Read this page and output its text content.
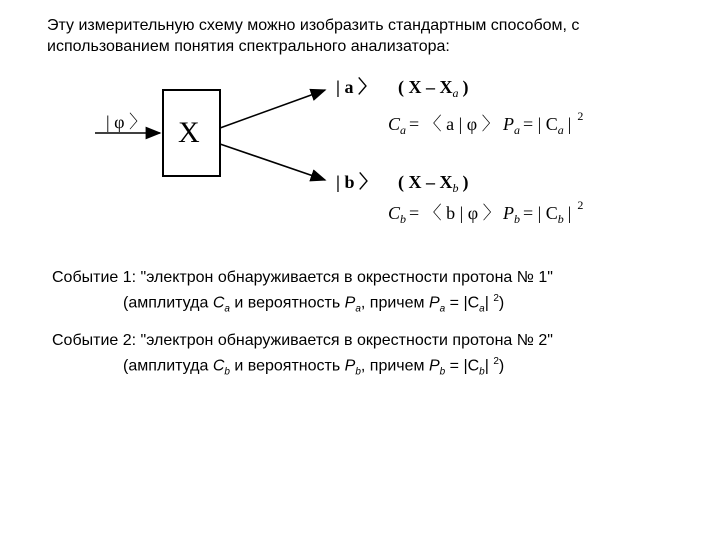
Эту измерительную схему можно изобразить стандартным способом, с
использованием понятия спектрального анализатора:

| φ 〉 X
| a 〉 ( X – $X_a$ )
$C_a$ = 〈 a | φ 〉 $P_a$ = | $C_a$ | $^2$
| b 〉 ( X – $X_b$ )
$C_b$ = 〈 b | φ 〉 $P_b$ = | $C_b$ | $^2$
Событие 1: "электрон обнаруживается в окрестности протона № 1"
(амплитуда $C_a$ и вероятность $P_a$, причем $P_a = |C_a|$ $^2$)
Событие 2: "электрон обнаруживается в окрестности протона № 2"
(амплитуда $C_b$ и вероятность $P_b$, причем $P_b = |C_b|$ $^2$)
